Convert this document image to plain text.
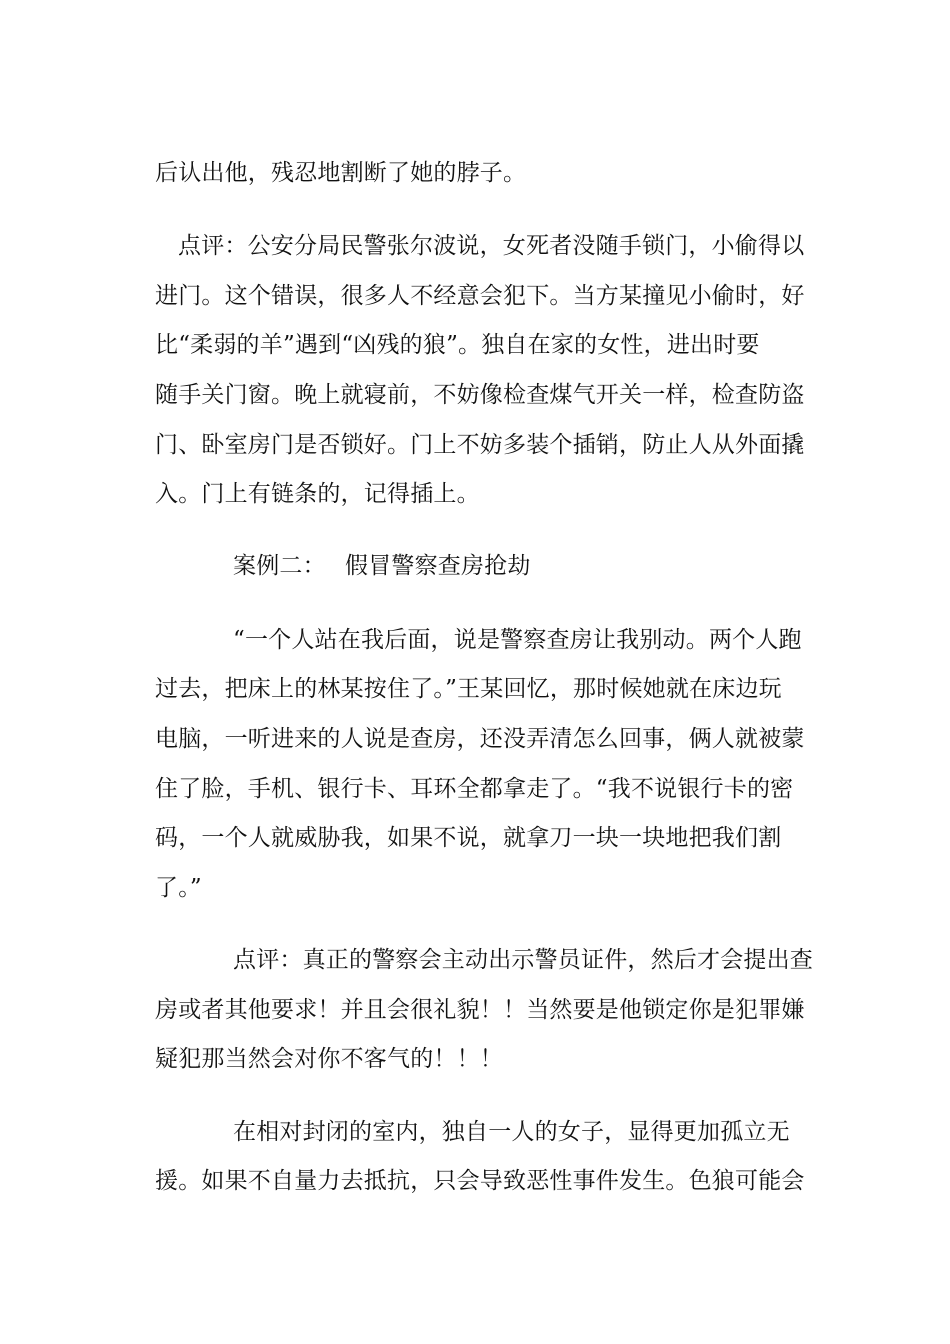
后认出他，残忍地割断了她的脖子。
点评：公安分局民警张尔波说，女死者没随手锁门，小偷得以
进门。这个错误，很多人不经意会犯下。当方某撞见小偷时，好
比“柔弱的羊”遇到“凶残的狼”。独自在家的女性，进出时要
随手关门窗。晚上就寝前，不妨像检查煤气开关一样，检查防盗
门、卧室房门是否锁好。门上不妨多装个插销，防止人从外面撬
入。门上有链条的，记得插上。
案例二： 假冒警察查房抢劫
“一个人站在我后面，说是警察查房让我别动。两个人跑
过去，把床上的林某按住了。”王某回忆，那时候她就在床边玩
电脑，一听进来的人说是查房，还没弄清怎么回事，俩人就被蒙
住了脸，手机、银行卡、耳环全都拿走了。“我不说银行卡的密
码，一个人就威胁我，如果不说，就拿刀一块一块地把我们割
了。”
点评：真正的警察会主动出示警员证件，然后才会提出查
房或者其他要求！并且会很礼貌！！当然要是他锁定你是犯罪嫌
疑犯那当然会对你不客气的！！！
在相对封闭的室内，独自一人的女子，显得更加孤立无
援。如果不自量力去抵抗，只会导致恶性事件发生。色狼可能会
